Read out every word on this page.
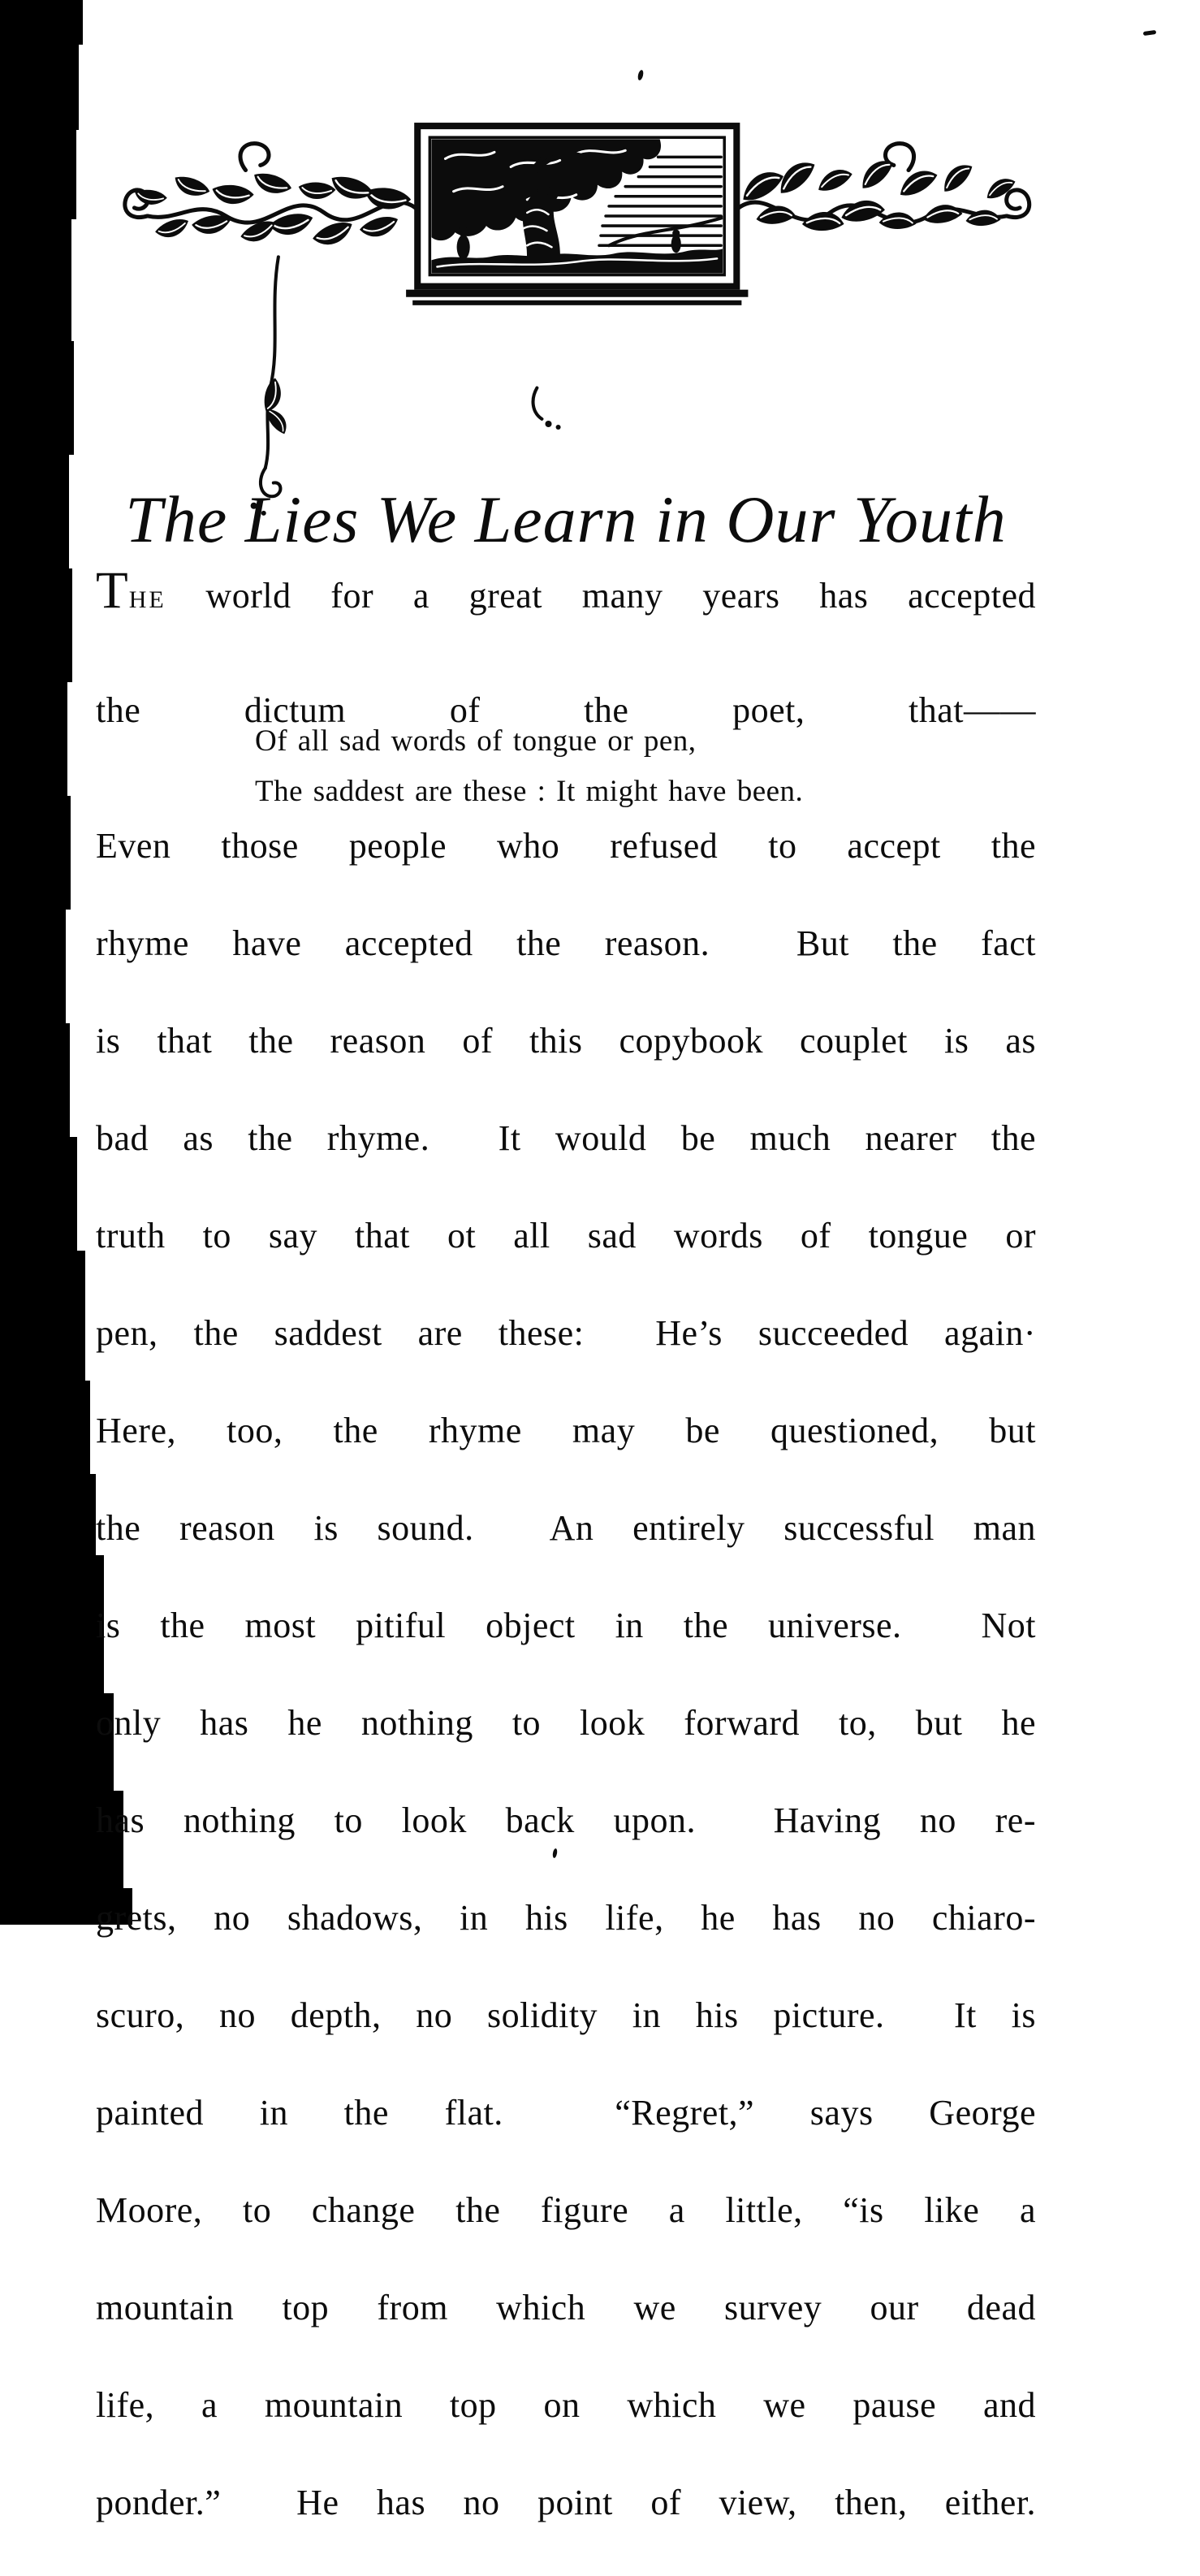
The Lies We Learn in Our Youth
THE world for a great many years has accepted
the dictum of the poet, that——
Of all sad words of tongue or pen,
The saddest are these : It might have been.
Even those people who refused to accept the
rhyme have accepted the reason.  But the fact
is that the reason of this copybook couplet is as
bad as the rhyme.  It would be much nearer the
truth to say that ot all sad words of tongue or
pen, the saddest are these:  He’s succeeded again·
Here, too, the rhyme may be questioned, but
the reason is sound.  An entirely successful man
is the most pitiful object in the universe.  Not
only has he nothing to look forward to, but he
has nothing to look back upon.  Having no re-
grets, no shadows, in his life, he has no chiaro-
scuro, no depth, no solidity in his picture.  It is
painted in the flat.  “Regret,” says George
Moore, to change the figure a little, “is like a
mountain top from which we survey our dead
life, a mountain top on which we pause and
ponder.”  He has no point of view, then, either.
